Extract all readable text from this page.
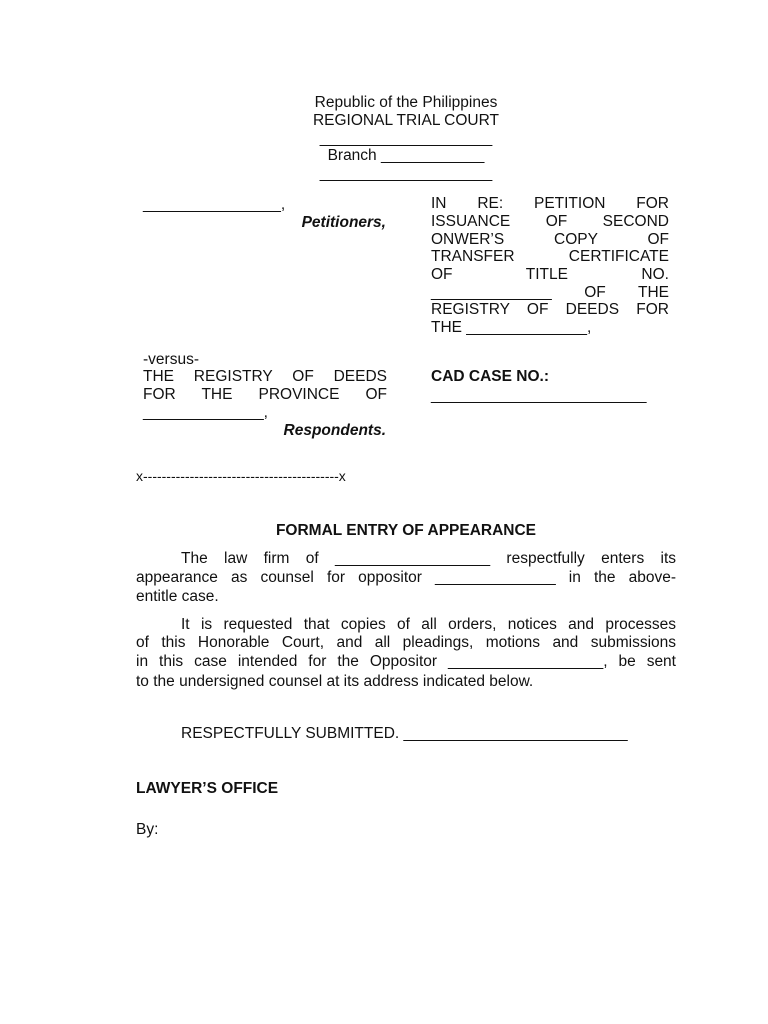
Republic of the Philippines
REGIONAL TRIAL COURT
____________________
Branch ____________
____________________
________________,
Petitioners,
IN RE: PETITION FOR
ISSUANCE OF SECOND
ONWER’S COPY OF
TRANSFER CERTIFICATE
OF TITLE NO.
______________ OF THE
REGISTRY OF DEEDS FOR
THE ______________,
-versus-
THE REGISTRY OF DEEDS
FOR THE PROVINCE OF
______________,
Respondents.
CAD CASE NO.:
_________________________
x------------------------------------------x
FORMAL ENTRY OF APPEARANCE
The law firm of __________________ respectfully enters its
appearance as counsel for oppositor ______________ in the above-
entitle case.
It is requested that copies of all orders, notices and processes
of this Honorable Court, and all pleadings, motions and submissions
in this case intended for the Oppositor __________________, be sent
to the undersigned counsel at its address indicated below.
RESPECTFULLY SUBMITTED. __________________________
LAWYER’S OFFICE
By:
